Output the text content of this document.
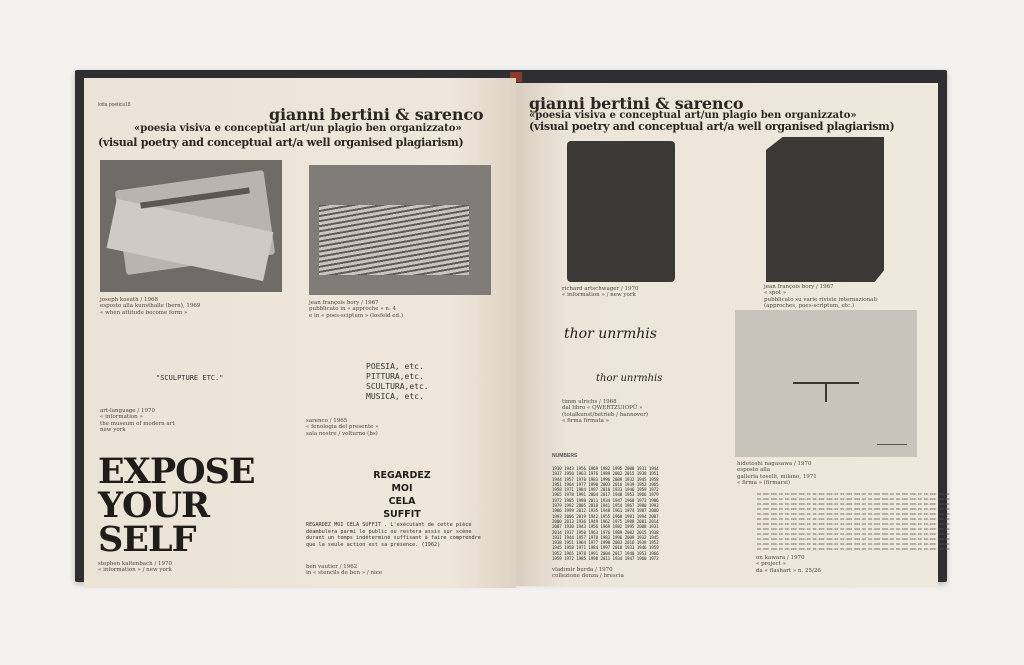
lotta poetica18	gianni bertini & sarenco
«poesia visiva e conceptual art/un plagio ben organizzato»
(visual poetry and conceptual art/a well organised plagiarism)
joseph kosuth / 1968
esposto alla kunsthalle (bern), 1969
« when attitude become form »
jean françois bory / 1967
pubblicato in « approche » n. 4
e in « poes-sciptum » (losfeld ed.)
"SCULPTURE ETC."
POESIA, etc.
PITTURA,etc.
SCULTURA,etc.
MUSICA, etc.
art-language / 1970
« information »
the museum of modern art
new york
sarenco / 1965
« fenologia del presente »
sala nostre / volturno (bs)
EXPOSE
YOUR
SELF
REGARDEZ
MOI
CELA
SUFFIT
REGARDEZ MOI CELA SUFFIT . L'exécutant de cette pièce déambulera parmi le public ou restera assis sur scène durant un temps indéterminé suffisant à faire comprendre que la seule action est sa présence. (1962)
stephen kaltenbach / 1970
« information » / new york
ben vautier / 1962
in « stencils de ben » / nice
gianni bertini & sarenco
«poesia visiva e conceptual art/un plagio ben organizzato»
(visual poetry and conceptual art/a well organised plagiarism)
richard artschwager / 1970
« information » / new york
jean françois bory / 1967
« spot »
pubblicato su varie riviste internazionali
(approches, poes-scriptum, etc.)
thor unrmhis
thor unrmhis
timm ulrichs / 1968
dal libro « QWERTZUIOPÜ »
(totalkunst/betrieb / hannover)
« firma firmata »
hidetoshi nagasawa / 1970
esposto alla
galleria toselli, milano, 1971
« firma » (firmarsi)
NUMBERS
1930 1943 1956 1969 1982 1995 2008 1931 1944
1937 1950 1963 1976 1989 2002 2015 1938 1951
1944 1957 1970 1983 1996 2009 1932 1945 1958
1951 1964 1977 1990 2003 2016 1939 1952 1965
1958 1971 1984 1997 2010 1933 1946 1959 1972
1965 1978 1991 2004 2017 1940 1953 1966 1979
1972 1985 1998 2011 1934 1947 1960 1973 1986
1979 1992 2005 2018 1941 1954 1967 1980 1993
1986 1999 2012 1935 1948 1961 1974 1987 2000
1993 2006 2019 1942 1955 1968 1981 1994 2007
2000 2013 1936 1949 1962 1975 1988 2001 2014
2007 1930 1943 1956 1969 1982 1995 2008 1931
2014 1937 1950 1963 1976 1989 2002 2015 1938
1931 1944 1957 1970 1983 1996 2009 1932 1945
1938 1951 1964 1977 1990 2003 2016 1939 1952
1945 1958 1971 1984 1997 2010 1933 1946 1959
1952 1965 1978 1991 2004 2017 1940 1953 1966
1959 1972 1985 1998 2011 1934 1947 1960 1973

oo.ooo ooo.oo oo.ooo ooo.oo oo.ooo ooo.oo oo.ooo ooo.oo oo.ooo ooo.oo oo.ooo ooo.oo oo.ooo
oo.ooo ooo.oo oo.ooo ooo.oo oo.ooo ooo.oo oo.ooo ooo.oo oo.ooo ooo.oo oo.ooo ooo.oo oo.ooo
oo.ooo ooo.oo oo.ooo ooo.oo oo.ooo ooo.oo oo.ooo ooo.oo oo.ooo ooo.oo oo.ooo ooo.oo oo.ooo
oo.ooo ooo.oo oo.ooo ooo.oo oo.ooo ooo.oo oo.ooo ooo.oo oo.ooo ooo.oo oo.ooo ooo.oo oo.ooo
oo.ooo ooo.oo oo.ooo ooo.oo oo.ooo ooo.oo oo.ooo ooo.oo oo.ooo ooo.oo oo.ooo ooo.oo oo.ooo
oo.ooo ooo.oo oo.ooo ooo.oo oo.ooo ooo.oo oo.ooo ooo.oo oo.ooo ooo.oo oo.ooo ooo.oo oo.ooo
oo.ooo ooo.oo oo.ooo ooo.oo oo.ooo ooo.oo oo.ooo ooo.oo oo.ooo ooo.oo oo.ooo ooo.oo oo.ooo
oo.ooo ooo.oo oo.ooo ooo.oo oo.ooo ooo.oo oo.ooo ooo.oo oo.ooo ooo.oo oo.ooo ooo.oo oo.ooo
oo.ooo ooo.oo oo.ooo ooo.oo oo.ooo ooo.oo oo.ooo ooo.oo oo.ooo ooo.oo oo.ooo ooo.oo oo.ooo
oo.ooo ooo.oo oo.ooo ooo.oo oo.ooo ooo.oo oo.ooo ooo.oo oo.ooo ooo.oo oo.ooo ooo.oo oo.ooo
oo.ooo ooo.oo oo.ooo ooo.oo oo.ooo ooo.oo oo.ooo ooo.oo oo.ooo ooo.oo oo.ooo ooo.oo oo.ooo
oo.ooo ooo.oo oo.ooo ooo.oo oo.ooo ooo.oo oo.ooo ooo.oo oo.ooo ooo.oo oo.ooo ooo.oo oo.ooo

vladimir burda / 1970
collezione denza / brescia
on kawara / 1970
« project »
da « flashart » n. 25/26
